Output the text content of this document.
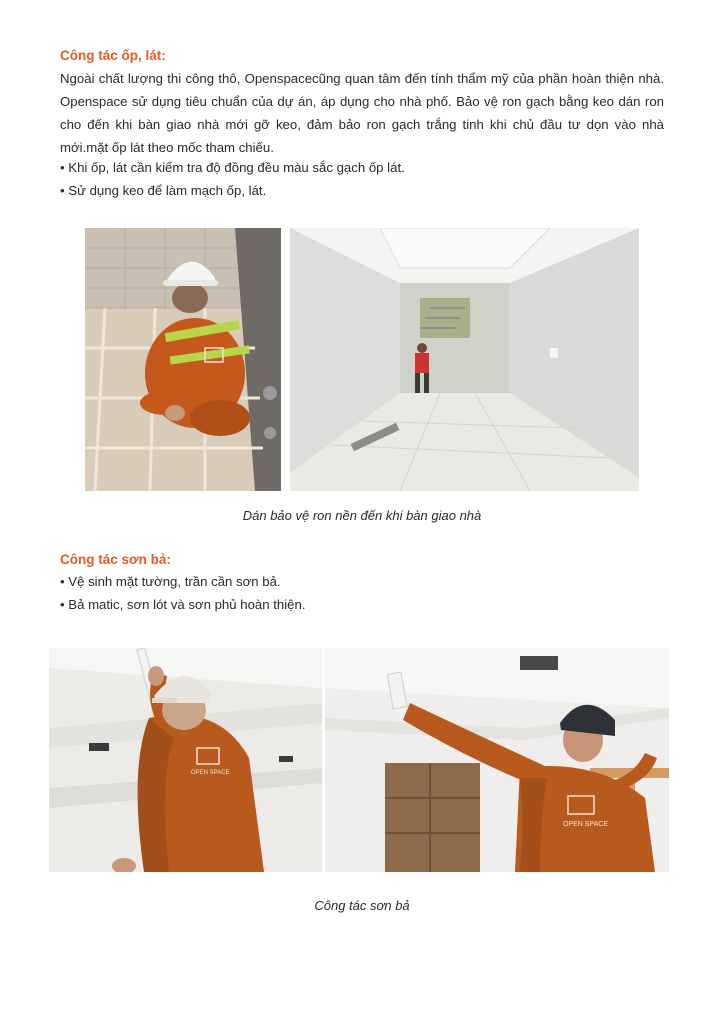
Công tác ốp, lát:
Ngoài chất lượng thi công thô, Openspacecũng quan tâm đến tính thẩm mỹ của phần hoàn thiện nhà. Openspace sử dụng tiêu chuẩn của dự án, áp dụng cho nhà phố. Bảo vệ ron gạch bằng keo dán ron cho đến khi bàn giao nhà mới gỡ keo, đảm bảo ron gạch trắng tinh khi chủ đầu tư dọn vào nhà mới.mặt ốp lát theo mốc tham chiếu.
• Khi ốp, lát cần kiểm tra độ đồng đều màu sắc gạch ốp lát.
• Sử dụng keo để làm mạch ốp, lát.
Dán bảo vệ ron nền đến khi bàn giao nhà
Công tác sơn bả:
• Vệ sinh mặt tường, trần cần sơn bả.
• Bả matic, sơn lót và sơn phủ hoàn thiện.
OPEN SPACE
OPEN SPACE
Công tác sơn bả
